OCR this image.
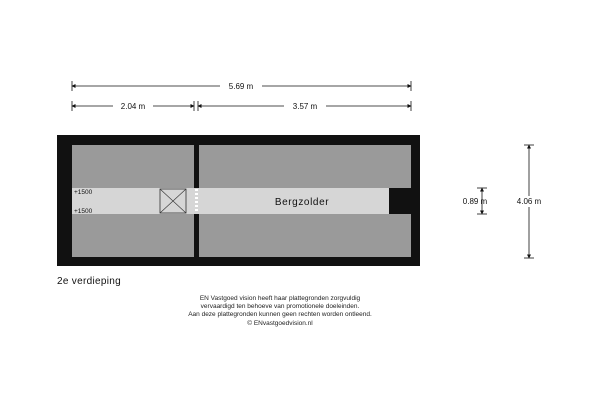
5.69 m
2.04 m	3.57 m
+1500
+1500
Bergzolder	0.89 m	4.06 m
2e verdieping
EN Vastgoed vision heeft haar plattegronden zorgvuldig
vervaardigd ten behoeve van promotionele doeleinden.
Aan deze plattegronden kunnen geen rechten worden ontleend.
© ENvastgoedvision.nl
